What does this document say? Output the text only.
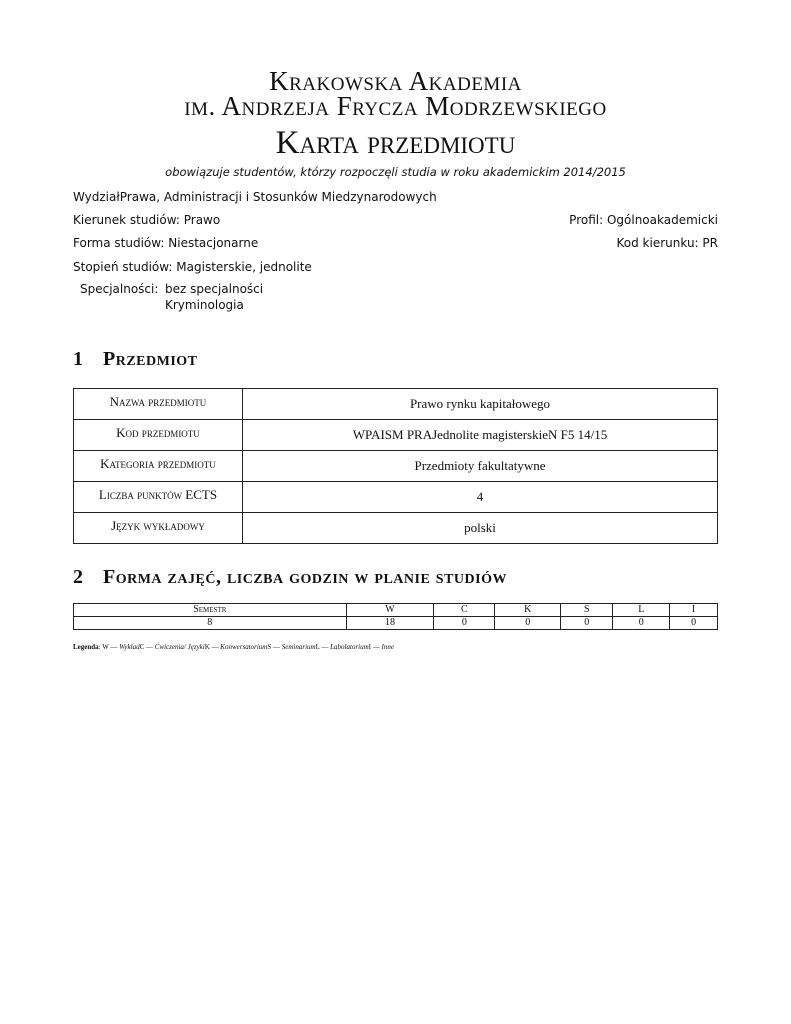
Krakowska Akademia
im. Andrzeja Frycza Modrzewskiego
Karta przedmiotu
obowiązuje studentów, którzy rozpoczęli studia w roku akademickim 2014/2015
WydziałPrawa, Administracji i Stosunków Miedzynarodowych
Kierunek studiów: Prawo	Profil: Ogólnoakademicki
Forma studiów: Niestacjonarne	Kod kierunku: PR
Stopień studiów: Magisterskie, jednolite
Specjalności: bez specjalności
Kryminologia
1 Przedmiot
Nazwa przedmiotu	Prawo rynku kapitałowego
Kod przedmiotu	WPAISM PRAJednolite magisterskieN F5 14/15
Kategoria przedmiotu	Przedmioty fakultatywne
Liczba punktów ECTS	4
Język wykładowy	polski
2 Forma zajęć, liczba godzin w planie studiów
Semestr	W	C	K	S	L	I
8	18	0	0	0	0	0
Legenda: W — WykładC — Ćwiczenia/ JęzykiK — KonwersatoriumS — SeminariumL — LabolatoriumI — Inne
